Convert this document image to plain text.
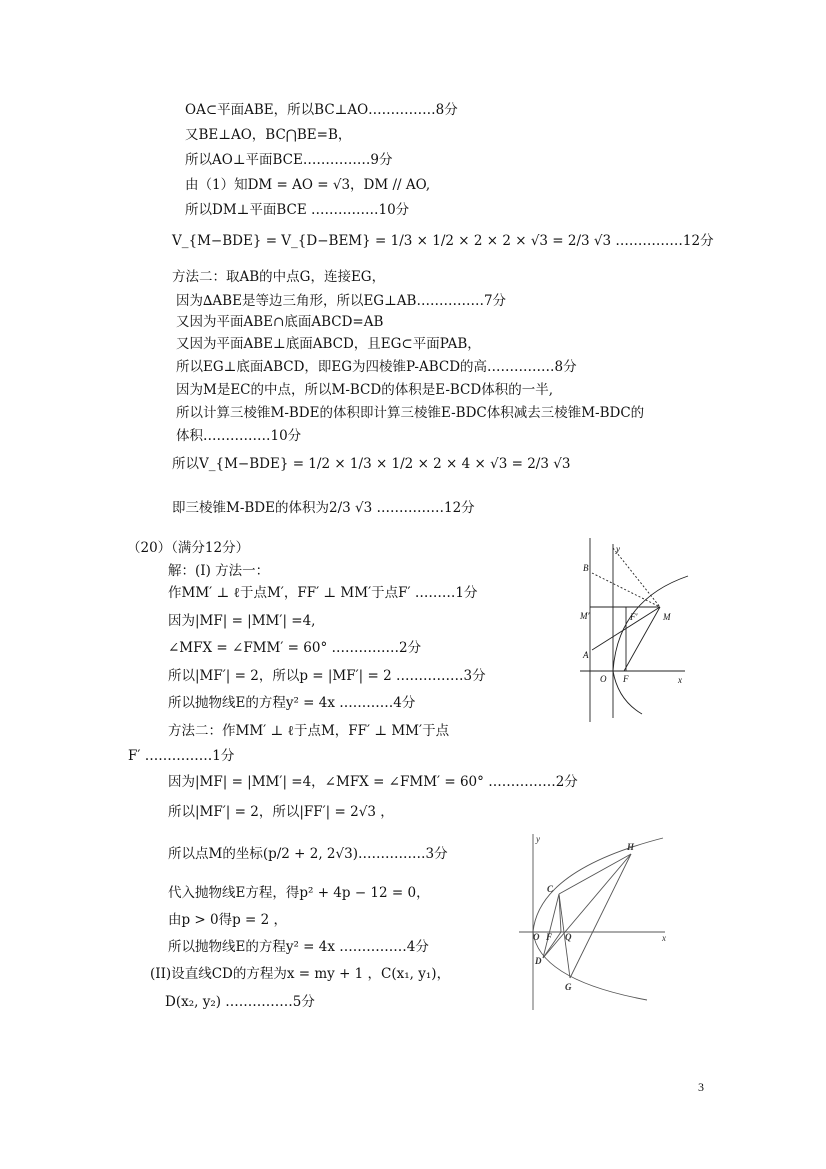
OA⊂平面ABE，所以BC⊥AO……………8分
又BE⊥AO，BC⋂BE=B，
所以AO⊥平面BCE……………9分
由（1）知DM = AO = √3，DM // AO,
所以DM⊥平面BCE ……………10分
V_{M−BDE} = V_{D−BEM} = 1/3 × 1/2 × 2 × 2 × √3 = 2/3 √3 ……………12分
方法二：取AB的中点G，连接EG，
因为∆ABE是等边三角形，所以EG⊥AB……………7分
又因为平面ABE∩底面ABCD=AB
又因为平面ABE⊥底面ABCD，且EG⊂平面PAB，
所以EG⊥底面ABCD，即EG为四棱锥P-ABCD的高……………8分
因为M是EC的中点，所以M-BCD的体积是E-BCD体积的一半,
所以计算三棱锥M-BDE的体积即计算三棱锥E-BDC体积减去三棱锥M-BDC的
体积……………10分
所以V_{M−BDE} = 1/2 × 1/3 × 1/2 × 2 × 4 × √3 = 2/3 √3
即三棱锥M-BDE的体积为2/3 √3 ……………12分
（20）（满分12分）
解：(I) 方法一：
作MM′ ⊥ ℓ于点M′，FF′ ⊥ MM′于点F′ ………1分
因为|MF| = |MM′| =4,
∠MFX = ∠FMM′ = 60° ……………2分
所以|MF′| = 2，所以p = |MF′| = 2 ……………3分
所以抛物线E的方程y² = 4x …………4分
方法二：作MM′ ⊥ ℓ于点M，FF′ ⊥ MM′于点
F′ ……………1分
因为|MF| = |MM′| =4，∠MFX = ∠FMM′ = 60° ……………2分
所以|MF′| = 2，所以|FF′| = 2√3 ，
所以点M的坐标(p/2 + 2, 2√3)……………3分
代入抛物线E方程，得p² + 4p − 12 = 0，
由p > 0得p = 2 ，
所以抛物线E的方程y² = 4x ……………4分
(II)设直线CD的方程为x = my + 1 ，C(x₁, y₁)，
D(x₂, y₂) ……………5分
B
M′
A
O F
F′	M
x
y
H
C
O F Q
D
G
x
y
3
